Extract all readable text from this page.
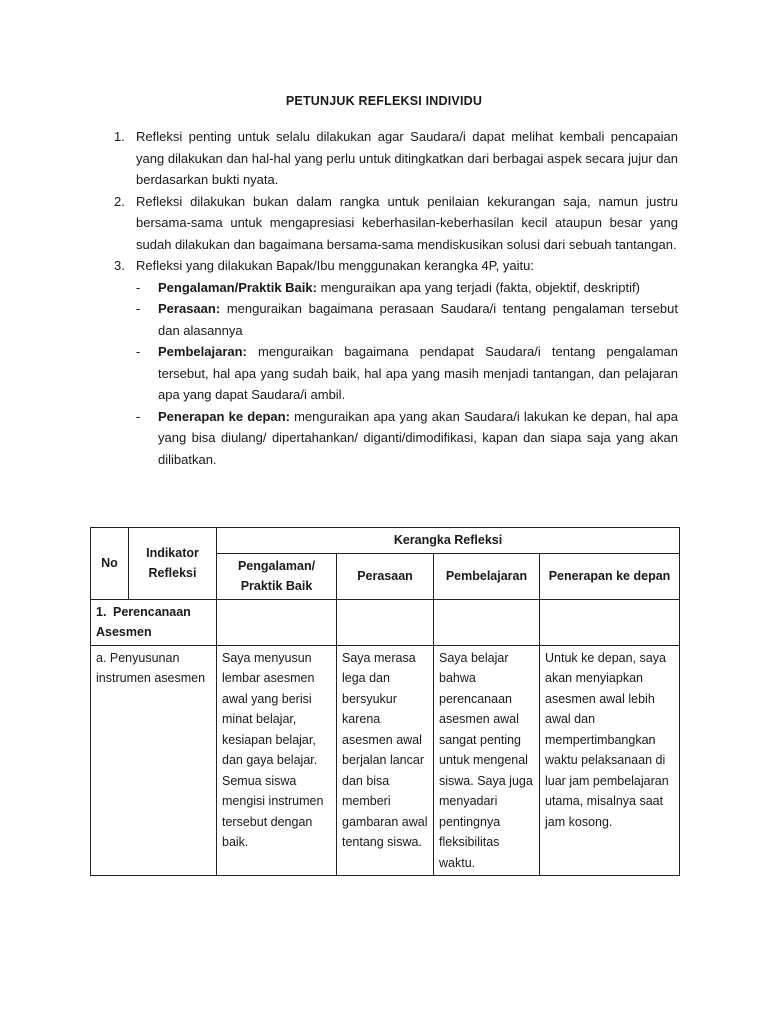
PETUNJUK REFLEKSI INDIVIDU
1. Refleksi penting untuk selalu dilakukan agar Saudara/i dapat melihat kembali pencapaian yang dilakukan dan hal-hal yang perlu untuk ditingkatkan dari berbagai aspek secara jujur dan berdasarkan bukti nyata.
2. Refleksi dilakukan bukan dalam rangka untuk penilaian kekurangan saja, namun justru bersama-sama untuk mengapresiasi keberhasilan-keberhasilan kecil ataupun besar yang sudah dilakukan dan bagaimana bersama-sama mendiskusikan solusi dari sebuah tantangan.
3. Refleksi yang dilakukan Bapak/Ibu menggunakan kerangka 4P, yaitu:
- Pengalaman/Praktik Baik: menguraikan apa yang terjadi (fakta, objektif, deskriptif)
- Perasaan: menguraikan bagaimana perasaan Saudara/i tentang pengalaman tersebut dan alasannya
- Pembelajaran: menguraikan bagaimana pendapat Saudara/i tentang pengalaman tersebut, hal apa yang sudah baik, hal apa yang masih menjadi tantangan, dan pelajaran apa yang dapat Saudara/i ambil.
- Penerapan ke depan: menguraikan apa yang akan Saudara/i lakukan ke depan, hal apa yang bisa diulang/ dipertahankan/ diganti/dimodifikasi, kapan dan siapa saja yang akan dilibatkan.
No	Indikator Refleksi	Kerangka Refleksi			
		Pengalaman/ Praktik Baik	Perasaan	Pembelajaran	Penerapan ke depan
1. Perencanaan Asesmen					
a. Penyusunan instrumen asesmen		Saya menyusun lembar asesmen awal yang berisi minat belajar, kesiapan belajar, dan gaya belajar. Semua siswa mengisi instrumen tersebut dengan baik.	Saya merasa lega dan bersyukur karena asesmen awal berjalan lancar dan bisa memberi gambaran awal tentang siswa.	Saya belajar bahwa perencanaan asesmen awal sangat penting untuk mengenal siswa. Saya juga menyadari pentingnya fleksibilitas waktu.	Untuk ke depan, saya akan menyiapkan asesmen awal lebih awal dan mempertimbangkan waktu pelaksanaan di luar jam pembelajaran utama, misalnya saat jam kosong.
